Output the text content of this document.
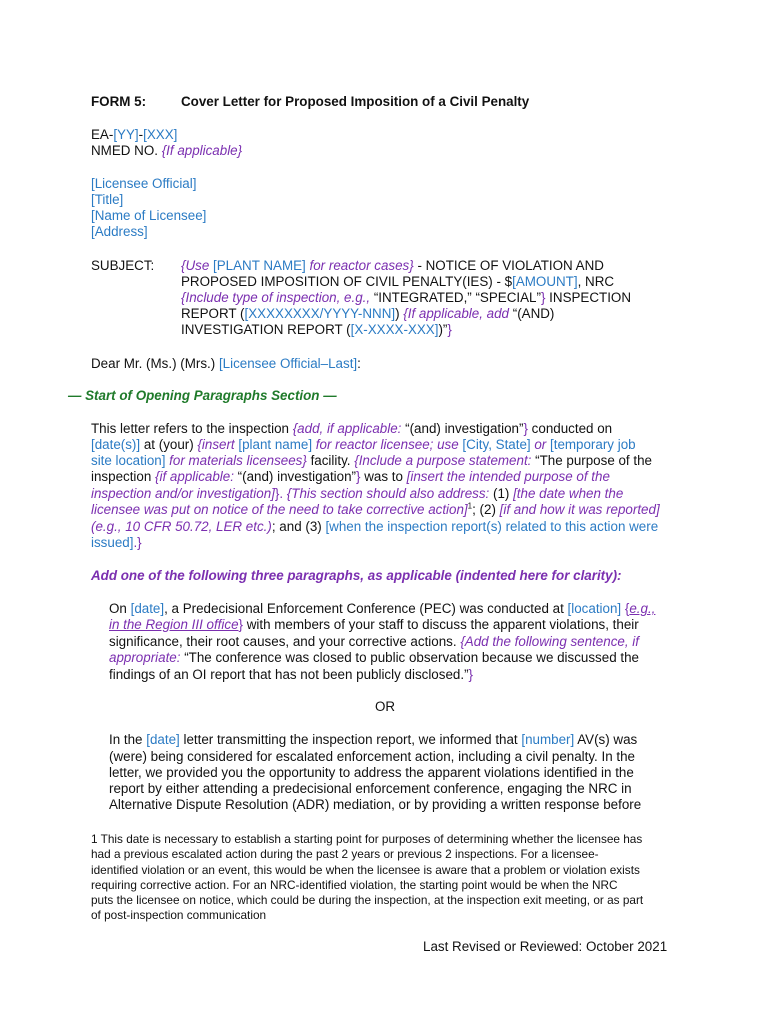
FORM 5:	Cover Letter for Proposed Imposition of a Civil Penalty
EA-[YY]-[XXX]
NMED NO. {If applicable}
[Licensee Official]
[Title]
[Name of Licensee]
[Address]
SUBJECT: {Use [PLANT NAME] for reactor cases} - NOTICE OF VIOLATION AND
PROPOSED IMPOSITION OF CIVIL PENALTY(IES) - $[AMOUNT], NRC
{Include type of inspection, e.g., “INTEGRATED,” “SPECIAL”} INSPECTION
REPORT ([XXXXXXXX/YYYY-NNN]) {If applicable, add “(AND)
INVESTIGATION REPORT ([X-XXXX-XXX])”}
Dear Mr. (Ms.) (Mrs.) [Licensee Official–Last]:
— Start of Opening Paragraphs Section —
This letter refers to the inspection {add, if applicable: “(and) investigation”} conducted on
[date(s)] at (your) {insert [plant name] for reactor licensee; use [City, State] or [temporary job
site location] for materials licensees} facility. {Include a purpose statement: “The purpose of the
inspection {if applicable: “(and) investigation”} was to [insert the intended purpose of the
inspection and/or investigation]}. {This section should also address: (1) [the date when the
licensee was put on notice of the need to take corrective action]$^1$; (2) [if and how it was reported]
(e.g., 10 CFR 50.72, LER etc.); and (3) [when the inspection report(s) related to this action were
issued].}
Add one of the following three paragraphs, as applicable (indented here for clarity):
On [date], a Predecisional Enforcement Conference (PEC) was conducted at [location] {e.g.,
in the Region III office} with members of your staff to discuss the apparent violations, their
significance, their root causes, and your corrective actions. {Add the following sentence, if
appropriate: “The conference was closed to public observation because we discussed the
findings of an OI report that has not been publicly disclosed.”}
OR
In the [date] letter transmitting the inspection report, we informed that [number] AV(s) was
(were) being considered for escalated enforcement action, including a civil penalty. In the
letter, we provided you the opportunity to address the apparent violations identified in the
report by either attending a predecisional enforcement conference, engaging the NRC in
Alternative Dispute Resolution (ADR) mediation, or by providing a written response before
1 This date is necessary to establish a starting point for purposes of determining whether the licensee has
had a previous escalated action during the past 2 years or previous 2 inspections. For a licensee-
identified violation or an event, this would be when the licensee is aware that a problem or violation exists
requiring corrective action. For an NRC-identified violation, the starting point would be when the NRC
puts the licensee on notice, which could be during the inspection, at the inspection exit meeting, or as part
of post-inspection communication
Last Revised or Reviewed: October 2021
